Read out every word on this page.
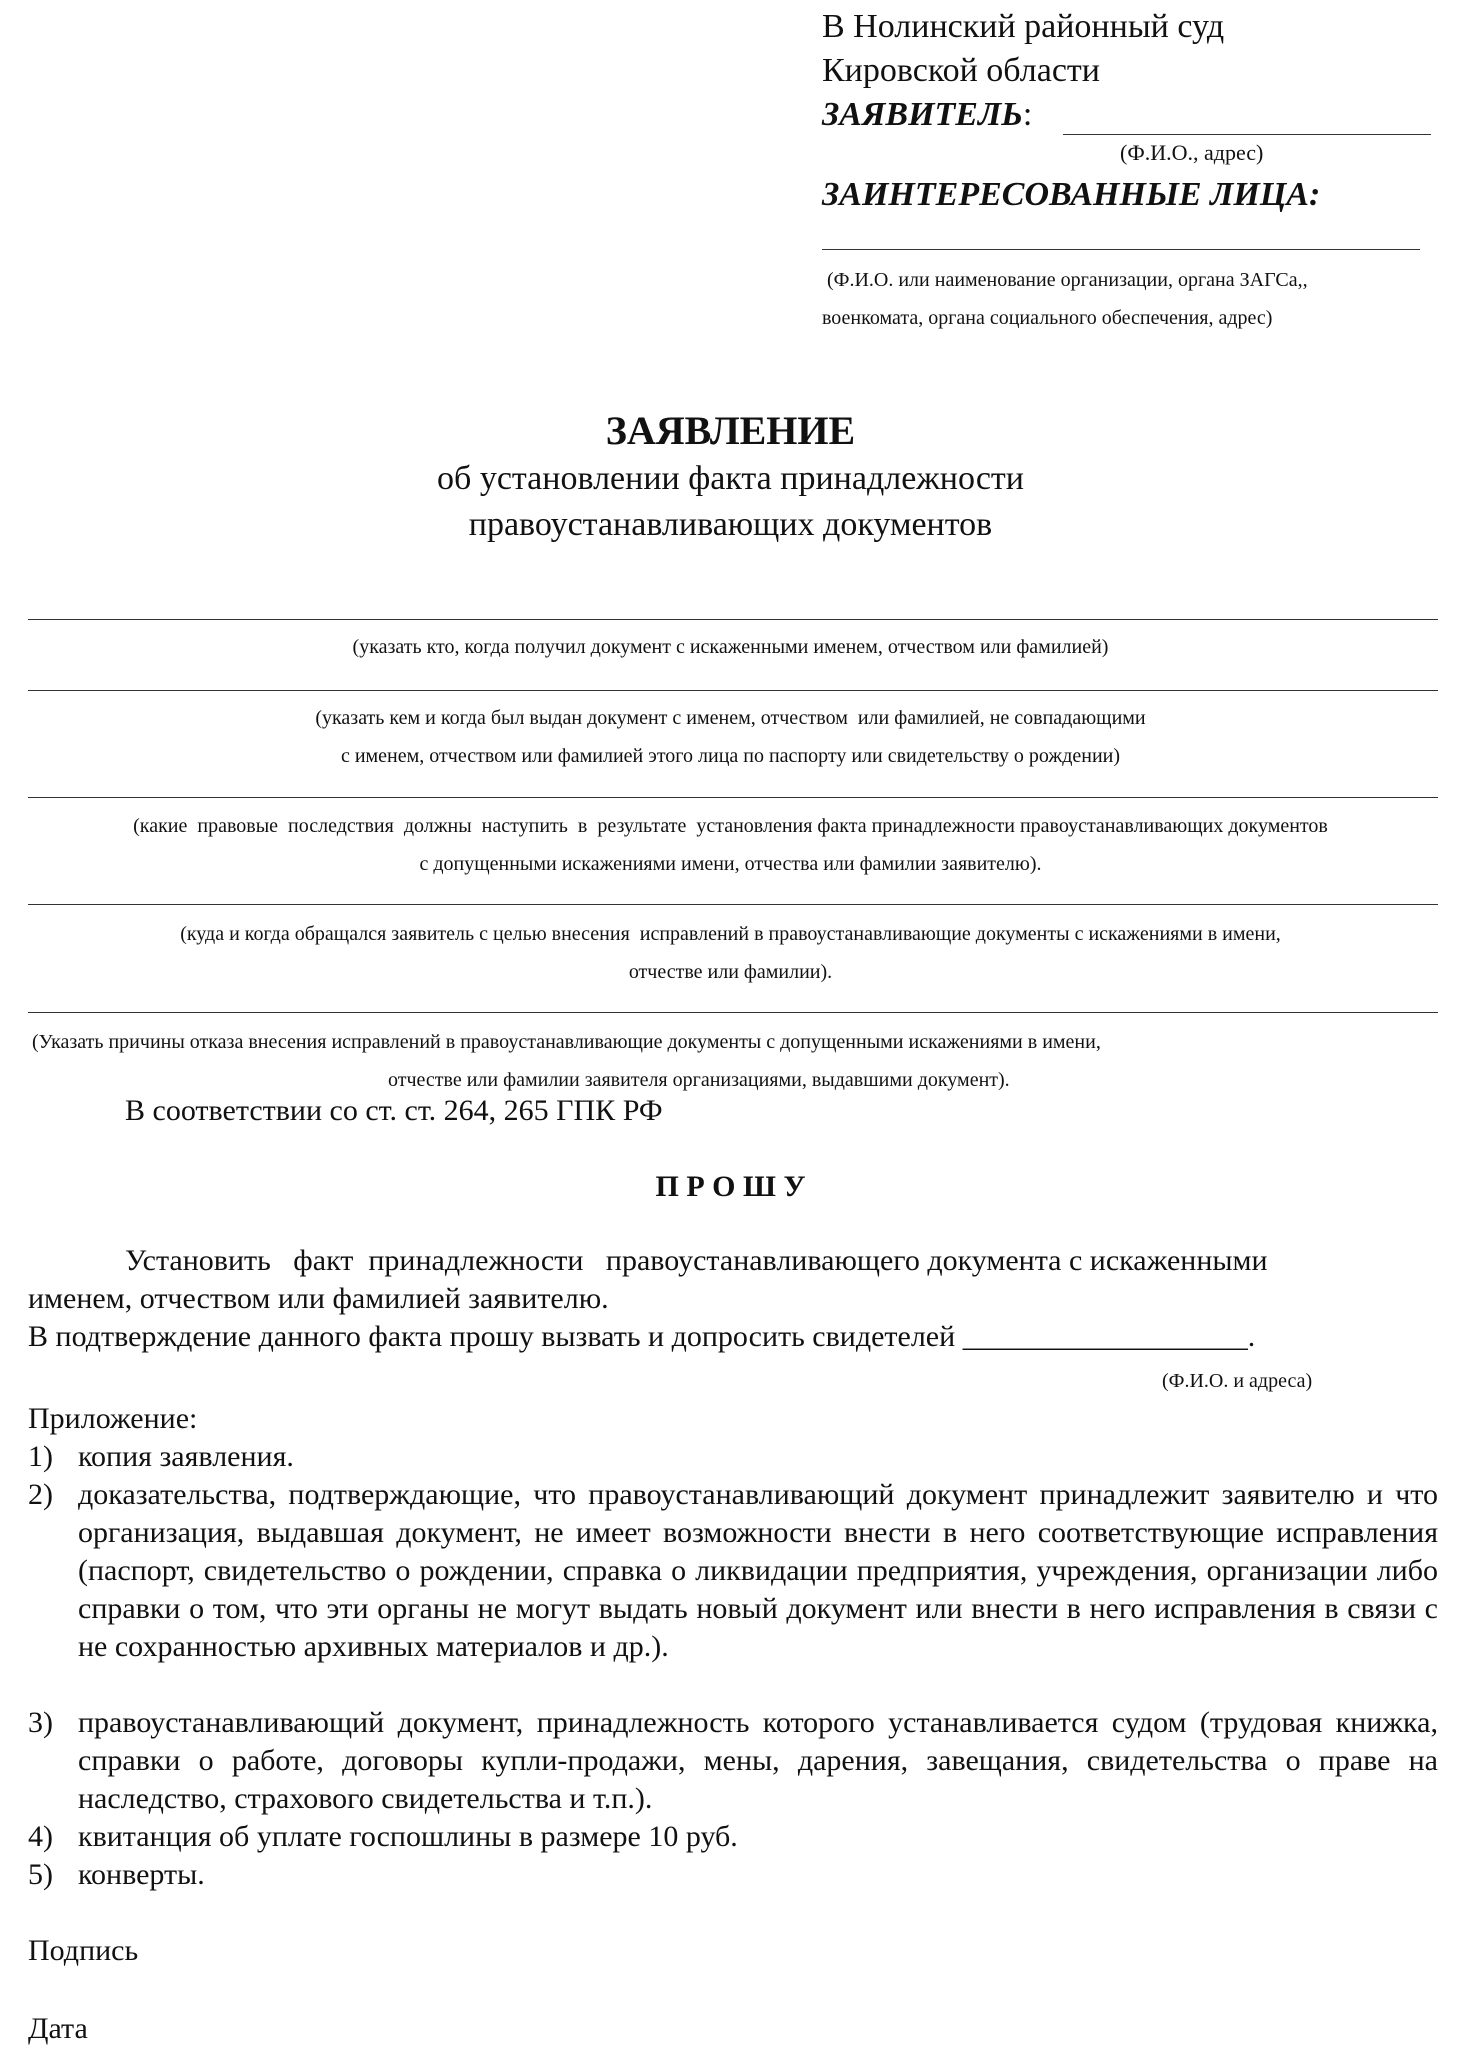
В Нолинский районный суд
Кировской области
ЗАЯВИТЕЛЬ:
(Ф.И.О., адрес)
ЗАИНТЕРЕСОВАННЫЕ ЛИЦА:
(Ф.И.О. или наименование организации, органа ЗАГСа,,
военкомата, органа социального обеспечения, адрес)
ЗАЯВЛЕНИЕ
об установлении факта принадлежности
правоустанавливающих документов
(указать кто, когда получил документ с искаженными именем, отчеством или фамилией)
(указать кем и когда был выдан документ с именем, отчеством  или фамилией, не совпадающими
с именем, отчеством или фамилией этого лица по паспорту или свидетельству о рождении)
(какие  правовые  последствия  должны  наступить  в  результате  установления факта принадлежности правоустанавливающих документов
с допущенными искажениями имени, отчества или фамилии заявителю).
(куда и когда обращался заявитель с целью внесения  исправлений в правоустанавливающие документы с искажениями в имени,
отчестве или фамилии).
(Указать причины отказа внесения исправлений в правоустанавливающие документы с допущенными искажениями в имени,
отчестве или фамилии заявителя организациями, выдавшими документ).
В соответствии со ст. ст. 264, 265 ГПК РФ
П Р О Ш У
Установить   факт  принадлежности   правоустанавливающего документа с искаженными
именем, отчеством или фамилией заявителю.
В подтверждение данного факта прошу вызвать и допросить свидетелей ___________________.
(Ф.И.О. и адреса)
Приложение:
1) копия заявления.
2) доказательства, подтверждающие, что правоустанавливающий документ принадлежит заявителю и что организация, выдавшая документ, не имеет возможности внести в него соответствующие исправления (паспорт, свидетельство о рождении, справка о ликвидации предприятия, учреждения, организации либо справки о том, что эти органы не могут выдать новый документ или внести в него исправления в связи с не сохранностью архивных материалов и др.).
3) правоустанавливающий документ, принадлежность которого устанавливается судом (трудовая книжка, справки о работе, договоры купли-продажи, мены, дарения, завещания, свидетельства о праве на наследство, страхового свидетельства и т.п.).
4) квитанция об уплате госпошлины в размере 10 руб.
5) конверты.
Подпись
Дата
